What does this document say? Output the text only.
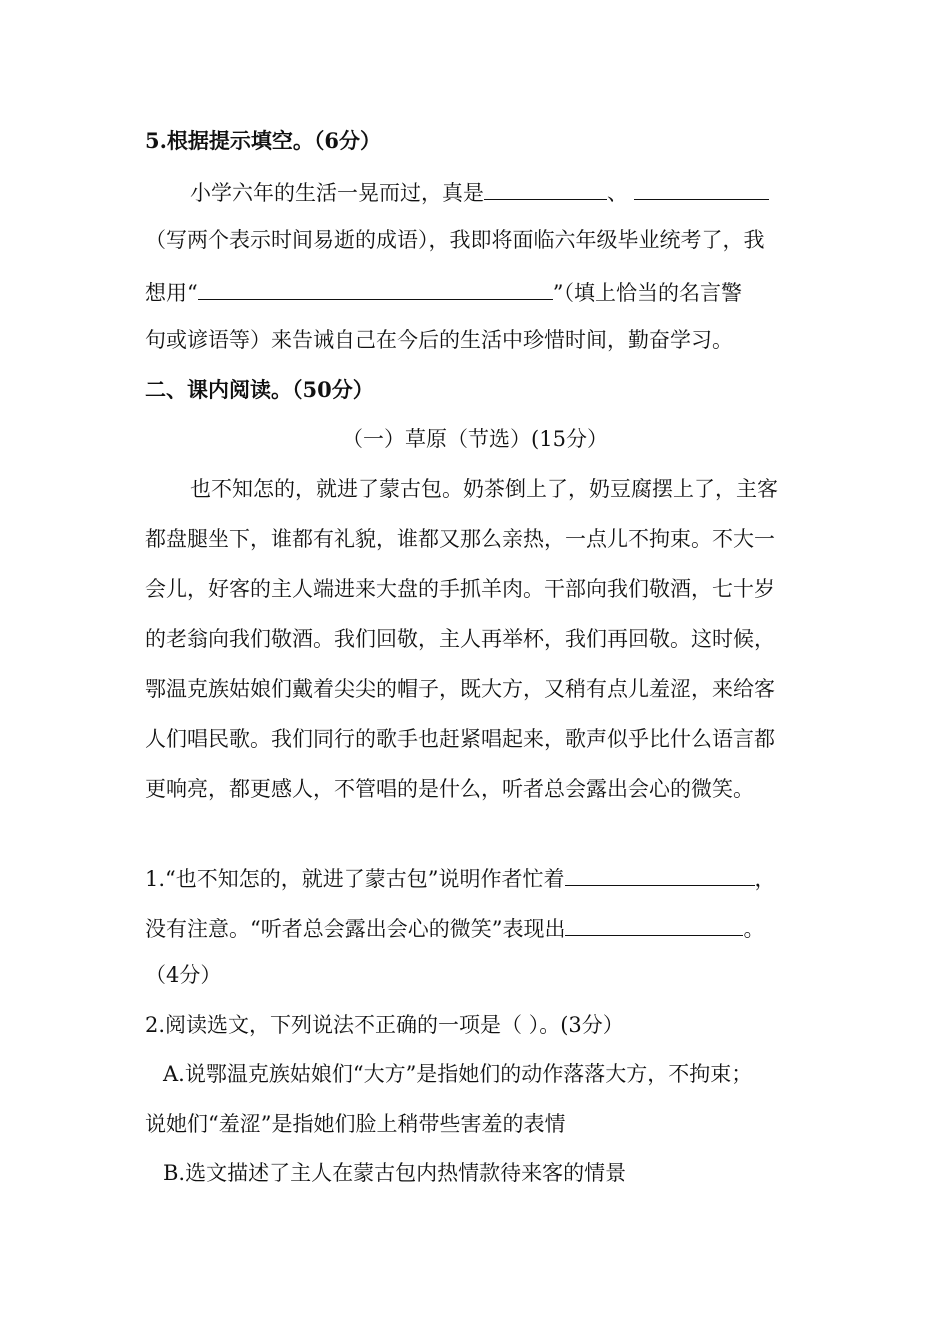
5.根据提示填空。（6分）
小学六年的生活一晃而过，真是	、
（写两个表示时间易逝的成语），我即将面临六年级毕业统考了，我
想用“	”（填上恰当的名言警
句或谚语等）来告诫自己在今后的生活中珍惜时间，勤奋学习。
二、课内阅读。（50分）
（一）草原（节选）(15分）
也不知怎的，就进了蒙古包。奶茶倒上了，奶豆腐摆上了，主客
都盘腿坐下，谁都有礼貌，谁都又那么亲热，一点儿不拘束。不大一
会儿，好客的主人端进来大盘的手抓羊肉。干部向我们敬酒，七十岁
的老翁向我们敬酒。我们回敬，主人再举杯，我们再回敬。这时候，
鄂温克族姑娘们戴着尖尖的帽子，既大方，又稍有点儿羞涩，来给客
人们唱民歌。我们同行的歌手也赶紧唱起来，歌声似乎比什么语言都
更响亮，都更感人，不管唱的是什么，听者总会露出会心的微笑。
1.“也不知怎的，就进了蒙古包”说明作者忙着	，
没有注意。“听者总会露出会心的微笑”表现出	。
（4分）
2.阅读选文，下列说法不正确的一项是（ ）。(3分）
A.说鄂温克族姑娘们“大方”是指她们的动作落落大方，不拘束；
说她们“羞涩”是指她们脸上稍带些害羞的表情
B.选文描述了主人在蒙古包内热情款待来客的情景
